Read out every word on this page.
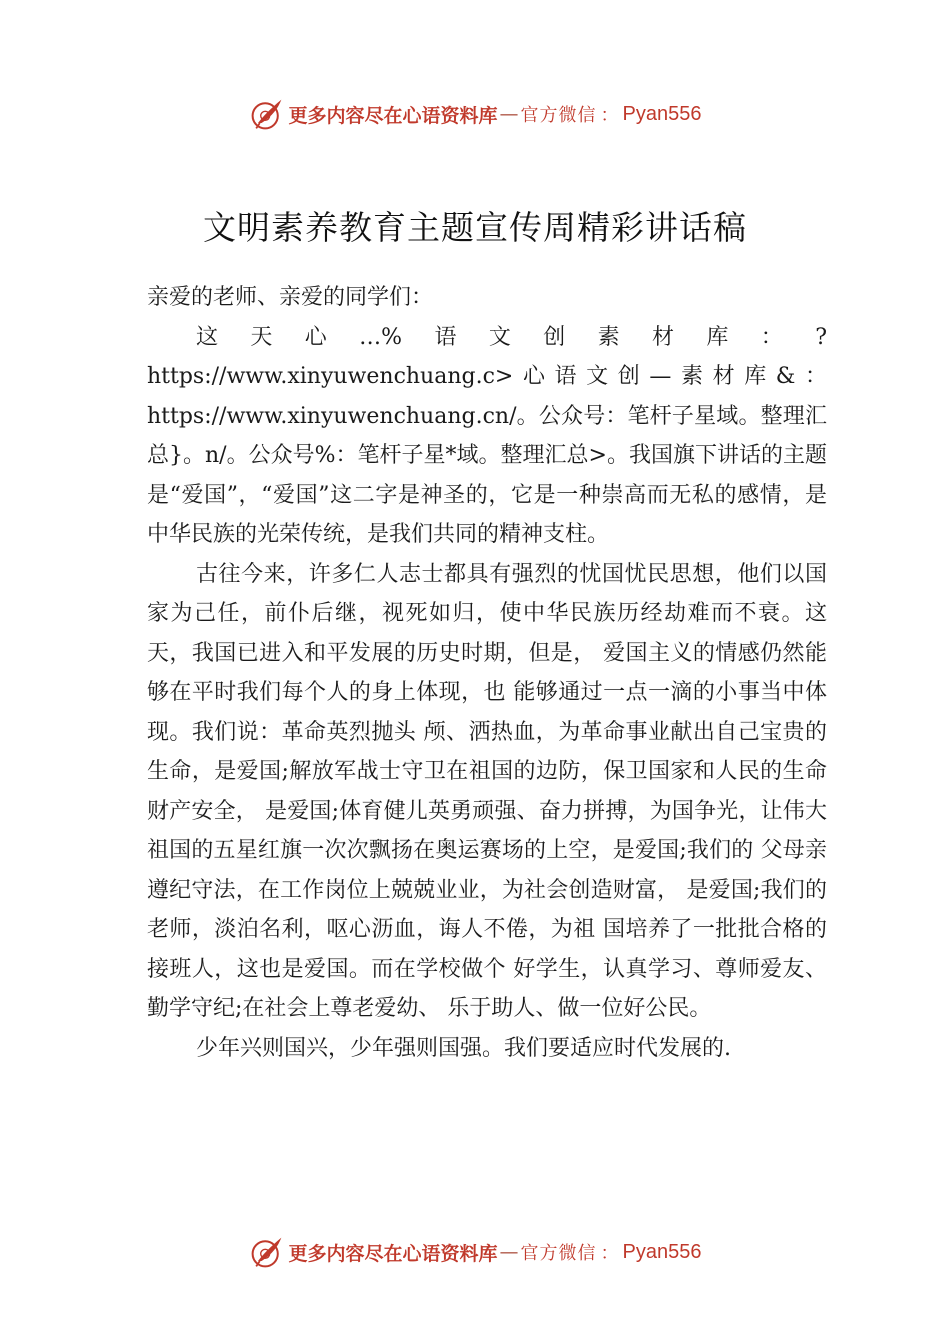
更多内容尽在心语资料库 — 官方微信 ： Pyan556
文明素养教育主题宣传周精彩讲话稿

亲爱的老师、亲爱的同学们：

这天心…%语文创素材库：?https://www.xinyuwenchuang.c>心语文创—素材库&：https://www.xinyuwenchuang.cn/。公众号：笔杆子星域。整理汇总}。n/。公众号%：笔杆子星*域。整理汇总>。我国旗下讲话的主题是“爱国”，“爱国”这二字是神圣的，它是一种崇高而无私的感情，是中华民族的光荣传统，是我们共同的精神支柱。

古往今来，许多仁人志士都具有强烈的忧国忧民思想，他们以国家为己任，前仆后继，视死如归，使中华民族历经劫难而不衰。这天，我国已进入和平发展的历史时期，但是， 爱国主义的情感仍然能够在平时我们每个人的身上体现，也 能够通过一点一滴的小事当中体现。我们说：革命英烈抛头 颅、洒热血，为革命事业献出自己宝贵的生命，是爱国;解放军战士守卫在祖国的边防，保卫国家和人民的生命财产安全， 是爱国;体育健儿英勇顽强、奋力拼搏，为国争光，让伟大祖国的五星红旗一次次飘扬在奥运赛场的上空，是爱国;我们的 父母亲遵纪守法，在工作岗位上兢兢业业，为社会创造财富， 是爱国;我们的老师，淡泊名利，呕心沥血，诲人不倦，为祖 国培养了一批批合格的接班人，这也是爱国。而在学校做个 好学生，认真学习、尊师爱友、勤学守纪;在社会上尊老爱幼、 乐于助人、做一位好公民。

少年兴则国兴，少年强则国强。我们要适应时代发展的.

更多内容尽在心语资料库 — 官方微信 ： Pyan556
